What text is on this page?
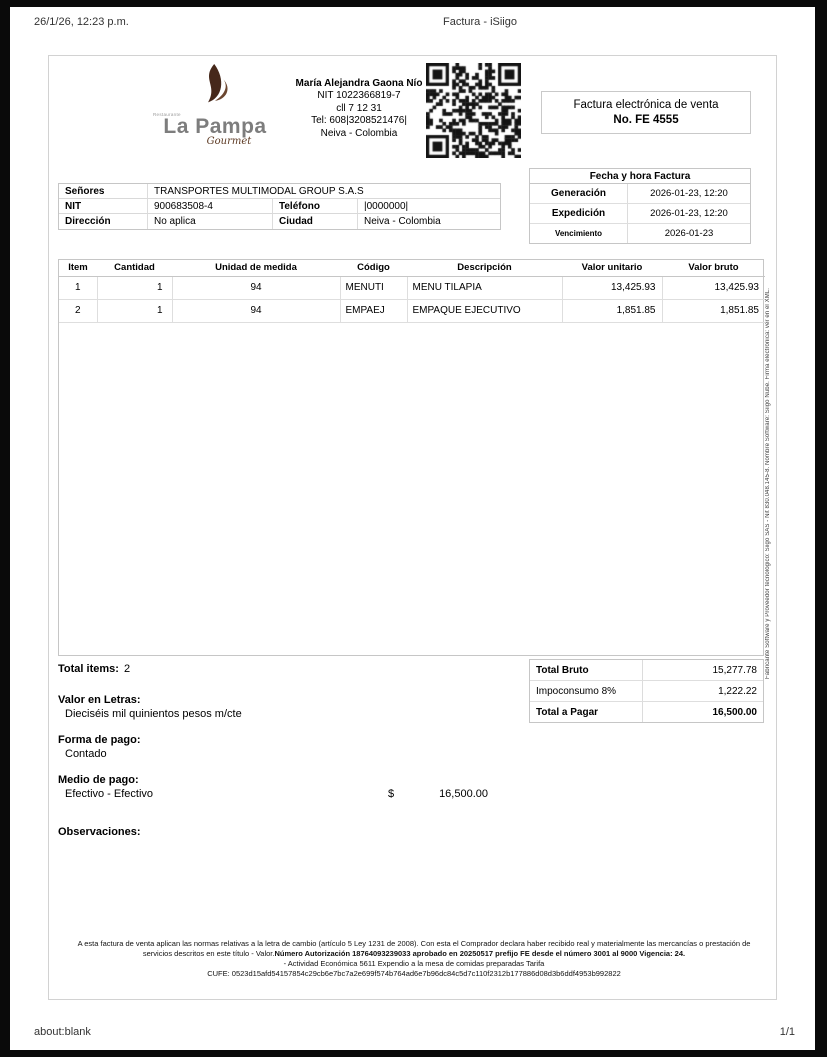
26/1/26, 12:23 p.m.	Factura - iSiigo
Restaurante
La Pampa
Gourmet
María Alejandra Gaona Nío
NIT 1022366819-7
cll 7 12 31
Tel: 608|3208521476|
Neiva - Colombia
Factura electrónica de venta
No. FE 4555
Señores	TRANSPORTES MULTIMODAL GROUP S.A.S
NIT	900683508-4	Teléfono	|0000000|
Dirección	No aplica	Ciudad	Neiva - Colombia
Fecha y hora Factura
Generación	2026-01-23, 12:20
Expedición	2026-01-23, 12:20
Vencimiento	2026-01-23
Item	Cantidad	Unidad de medida	Código	Descripción	Valor unitario	Valor bruto
1	1	94	MENUTI	MENU TILAPIA	13,425.93	13,425.93
2	1	94	EMPAEJ	EMPAQUE EJECUTIVO	1,851.85	1,851.85
Total items: 2
Valor en Letras:
Dieciséis mil quinientos pesos m/cte
Forma de pago:
Contado
Medio de pago:
Efectivo - Efectivo	$	16,500.00
Observaciones:
Total Bruto	15,277.78
Impoconsumo 8%	1,222.22
Total a Pagar	16,500.00
Fabricante Software y Proveedor tecnológico: Siigo SAS - Nit 830.048.145-8. Nombre Software: Siigo Nube. Firma electrónica: ver en el XML.
A esta factura de venta aplican las normas relativas a la letra de cambio (artículo 5 Ley 1231 de 2008). Con esta el Comprador declara haber recibido real y materialmente las mercancías o prestación de servicios descritos en este título - Valor.Número Autorización 18764093239033 aprobado en 20250517 prefijo FE desde el número 3001 al 9000 Vigencia: 24.
- Actividad Económica 5611 Expendio a la mesa de comidas preparadas Tarifa
CUFE: 0523d15afd54157854c29cb6e7bc7a2e699f574b764ad6e7b96dc84c5d7c110f2312b177886d08d3b6ddf4953b992822
about:blank	1/1
